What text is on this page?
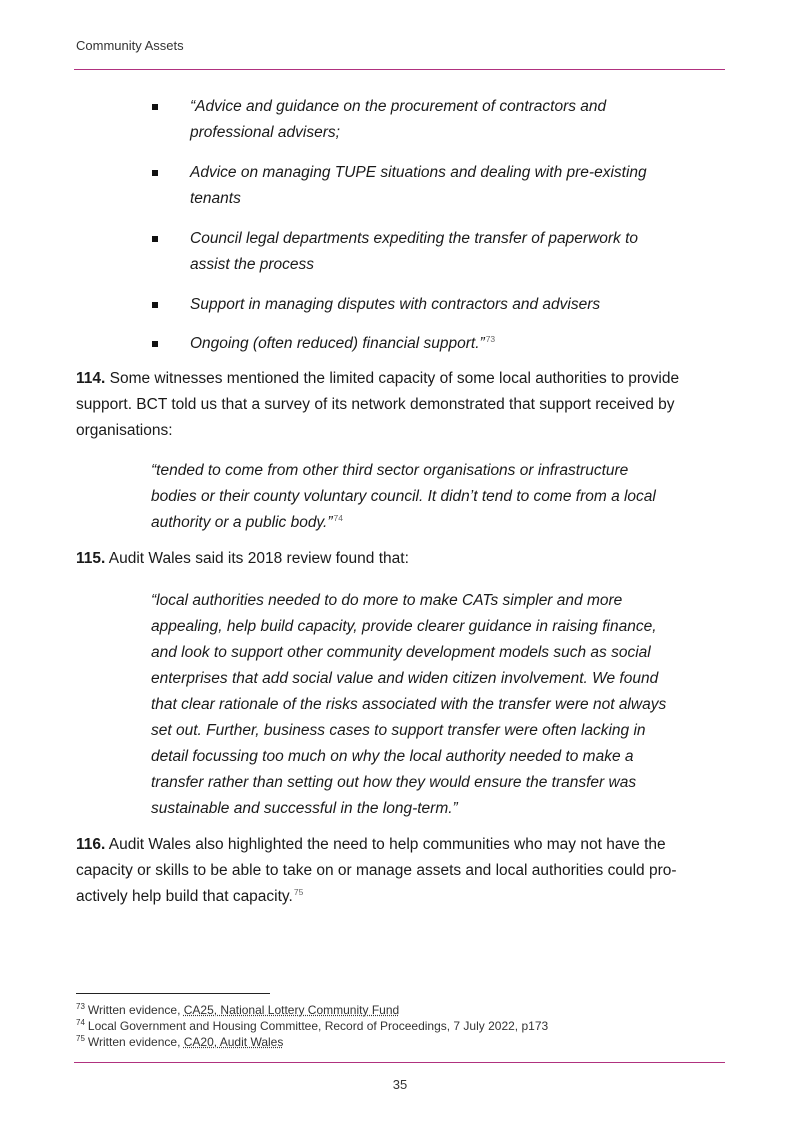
Community Assets
“Advice and guidance on the procurement of contractors and professional advisers;
Advice on managing TUPE situations and dealing with pre-existing tenants
Council legal departments expediting the transfer of paperwork to assist the process
Support in managing disputes with contractors and advisers
Ongoing (often reduced) financial support.”$^{73}$

114. Some witnesses mentioned the limited capacity of some local authorities to provide support. BCT told us that a survey of its network demonstrated that support received by organisations:

“tended to come from other third sector organisations or infrastructure bodies or their county voluntary council. It didn’t tend to come from a local authority or a public body.”$^{74}$

115. Audit Wales said its 2018 review found that:

“local authorities needed to do more to make CATs simpler and more appealing, help build capacity, provide clearer guidance in raising finance, and look to support other community development models such as social enterprises that add social value and widen citizen involvement. We found that clear rationale of the risks associated with the transfer were not always set out. Further, business cases to support transfer were often lacking in detail focussing too much on why the local authority needed to make a transfer rather than setting out how they would ensure the transfer was sustainable and successful in the long-term.”

116. Audit Wales also highlighted the need to help communities who may not have the capacity or skills to be able to take on or manage assets and local authorities could pro-actively help build that capacity.$^{75}$

$^{73}$ Written evidence, CA25, National Lottery Community Fund
$^{74}$ Local Government and Housing Committee, Record of Proceedings, 7 July 2022, p173
$^{75}$ Written evidence, CA20, Audit Wales
35
